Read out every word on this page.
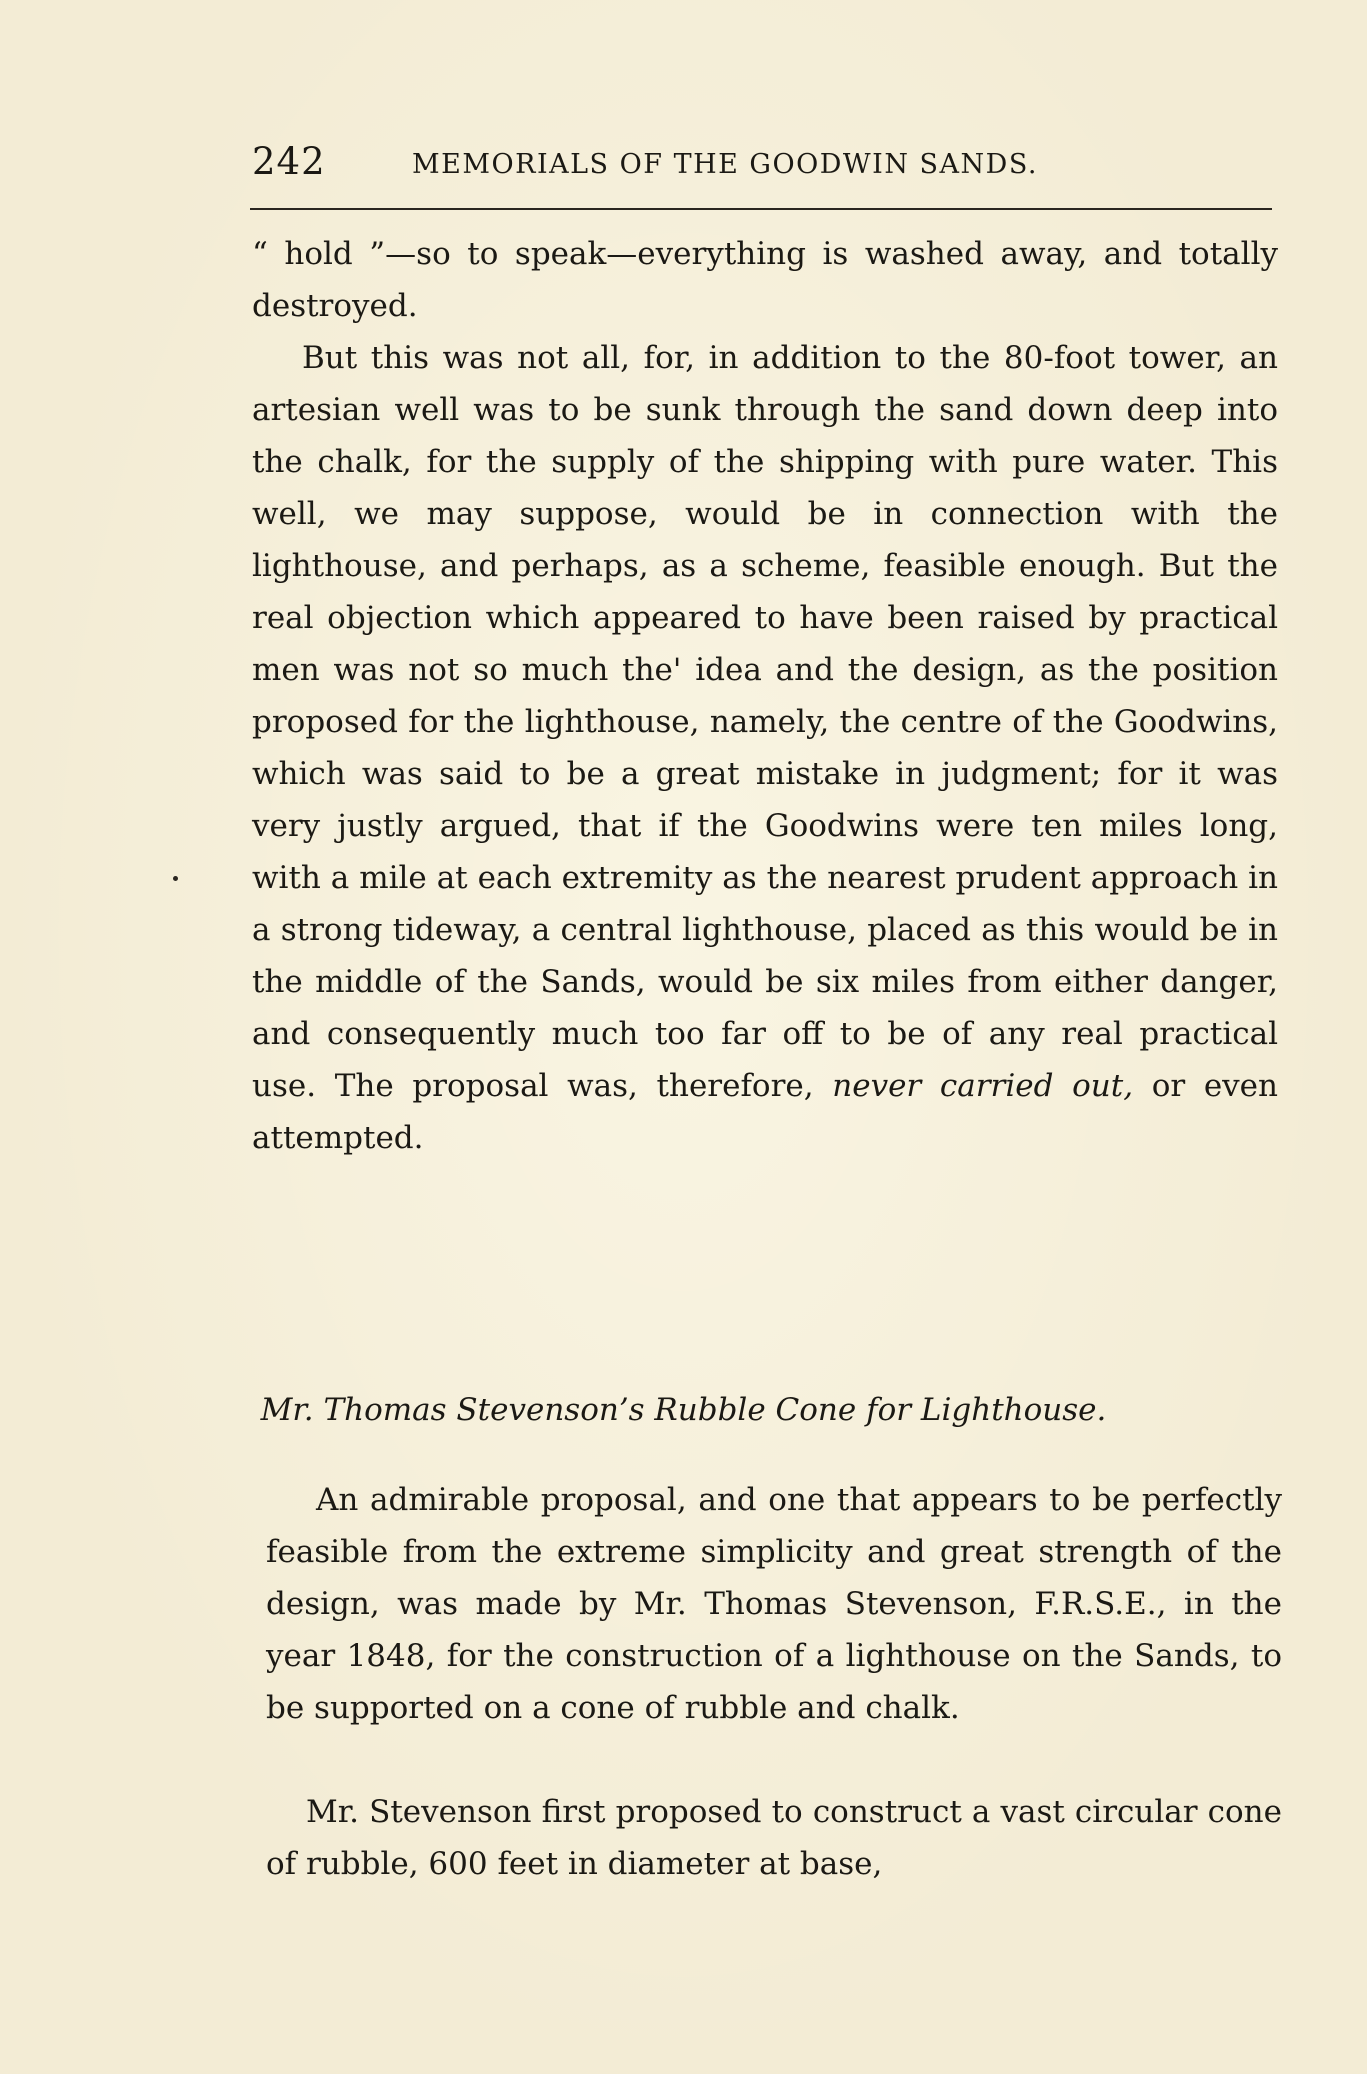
242	MEMORIALS OF THE GOODWIN SANDS.

“ hold ”—so to speak—everything is washed away, and totally destroyed.

But this was not all, for, in addition to the 80-foot tower, an artesian well was to be sunk through the sand down deep into the chalk, for the supply of the shipping with pure water. This well, we may suppose, would be in connection with the lighthouse, and perhaps, as a scheme, feasible enough. But the real objection which appeared to have been raised by practical men was not so much the' idea and the design, as the position proposed for the lighthouse, namely, the centre of the Goodwins, which was said to be a great mistake in judgment; for it was very justly argued, that if the Goodwins were ten miles long, with a mile at each extremity as the nearest prudent approach in a strong tideway, a central lighthouse, placed as this would be in the middle of the Sands, would be six miles from either danger, and consequently much too far off to be of any real practical use. The proposal was, therefore, never carried out, or even attempted.

Mr. Thomas Stevenson’s Rubble Cone for Lighthouse.

An admirable proposal, and one that appears to be perfectly feasible from the extreme simplicity and great strength of the design, was made by Mr. Thomas Stevenson, F.R.S.E., in the year 1848, for the construction of a lighthouse on the Sands, to be supported on a cone of rubble and chalk.

Mr. Stevenson first proposed to construct a vast circular cone of rubble, 600 feet in diameter at base,
